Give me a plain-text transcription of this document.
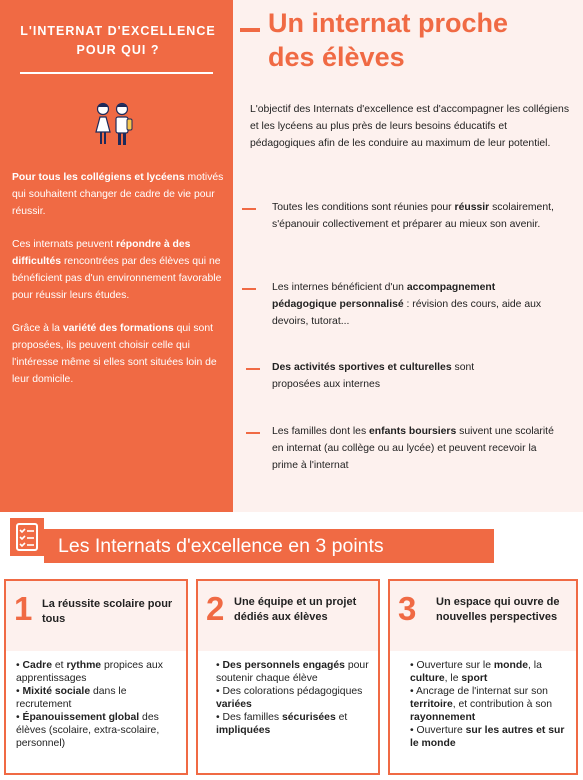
L'INTERNAT D'EXCELLENCE
POUR QUI ?

Pour tous les collégiens et lycéens motivés qui souhaitent changer de cadre de vie pour réussir.

Ces internats peuvent répondre à des difficultés rencontrées par des élèves qui ne bénéficient pas d'un environnement favorable pour réussir leurs études.

Grâce à la variété des formations qui sont proposées, ils peuvent choisir celle qui l'intéresse même si elles sont situées loin de leur domicile.

Un internat proche
des élèves
L'objectif des Internats d'excellence est d'accompagner les collégiens et les lycéens au plus près de leurs besoins éducatifs et pédagogiques afin de les conduire au maximum de leur potentiel.
Toutes les conditions sont réunies pour réussir scolairement, s'épanouir collectivement et préparer au mieux son avenir.
Les internes bénéficient d'un accompagnement pédagogique personnalisé : révision des cours, aide aux devoirs, tutorat...
Des activités sportives et culturelles sont proposées aux internes
Les familles dont les enfants boursiers suivent une scolarité en internat (au collège ou au lycée) et peuvent recevoir la prime à l'internat
Les Internats d'excellence en 3 points
1 La réussite scolaire pour tous
• Cadre et rythme propices aux apprentissages
• Mixité sociale dans le recrutement
• Épanouissement global des élèves (scolaire, extra-scolaire, personnel)
2 Une équipe et un projet dédiés aux élèves
• Des personnels engagés pour soutenir chaque élève
• Des colorations pédagogiques variées
• Des familles sécurisées et impliquées
3 Un espace qui ouvre de nouvelles perspectives
• Ouverture sur le monde, la culture, le sport
• Ancrage de l'internat sur son territoire, et contribution à son rayonnement
• Ouverture sur les autres et sur le monde
